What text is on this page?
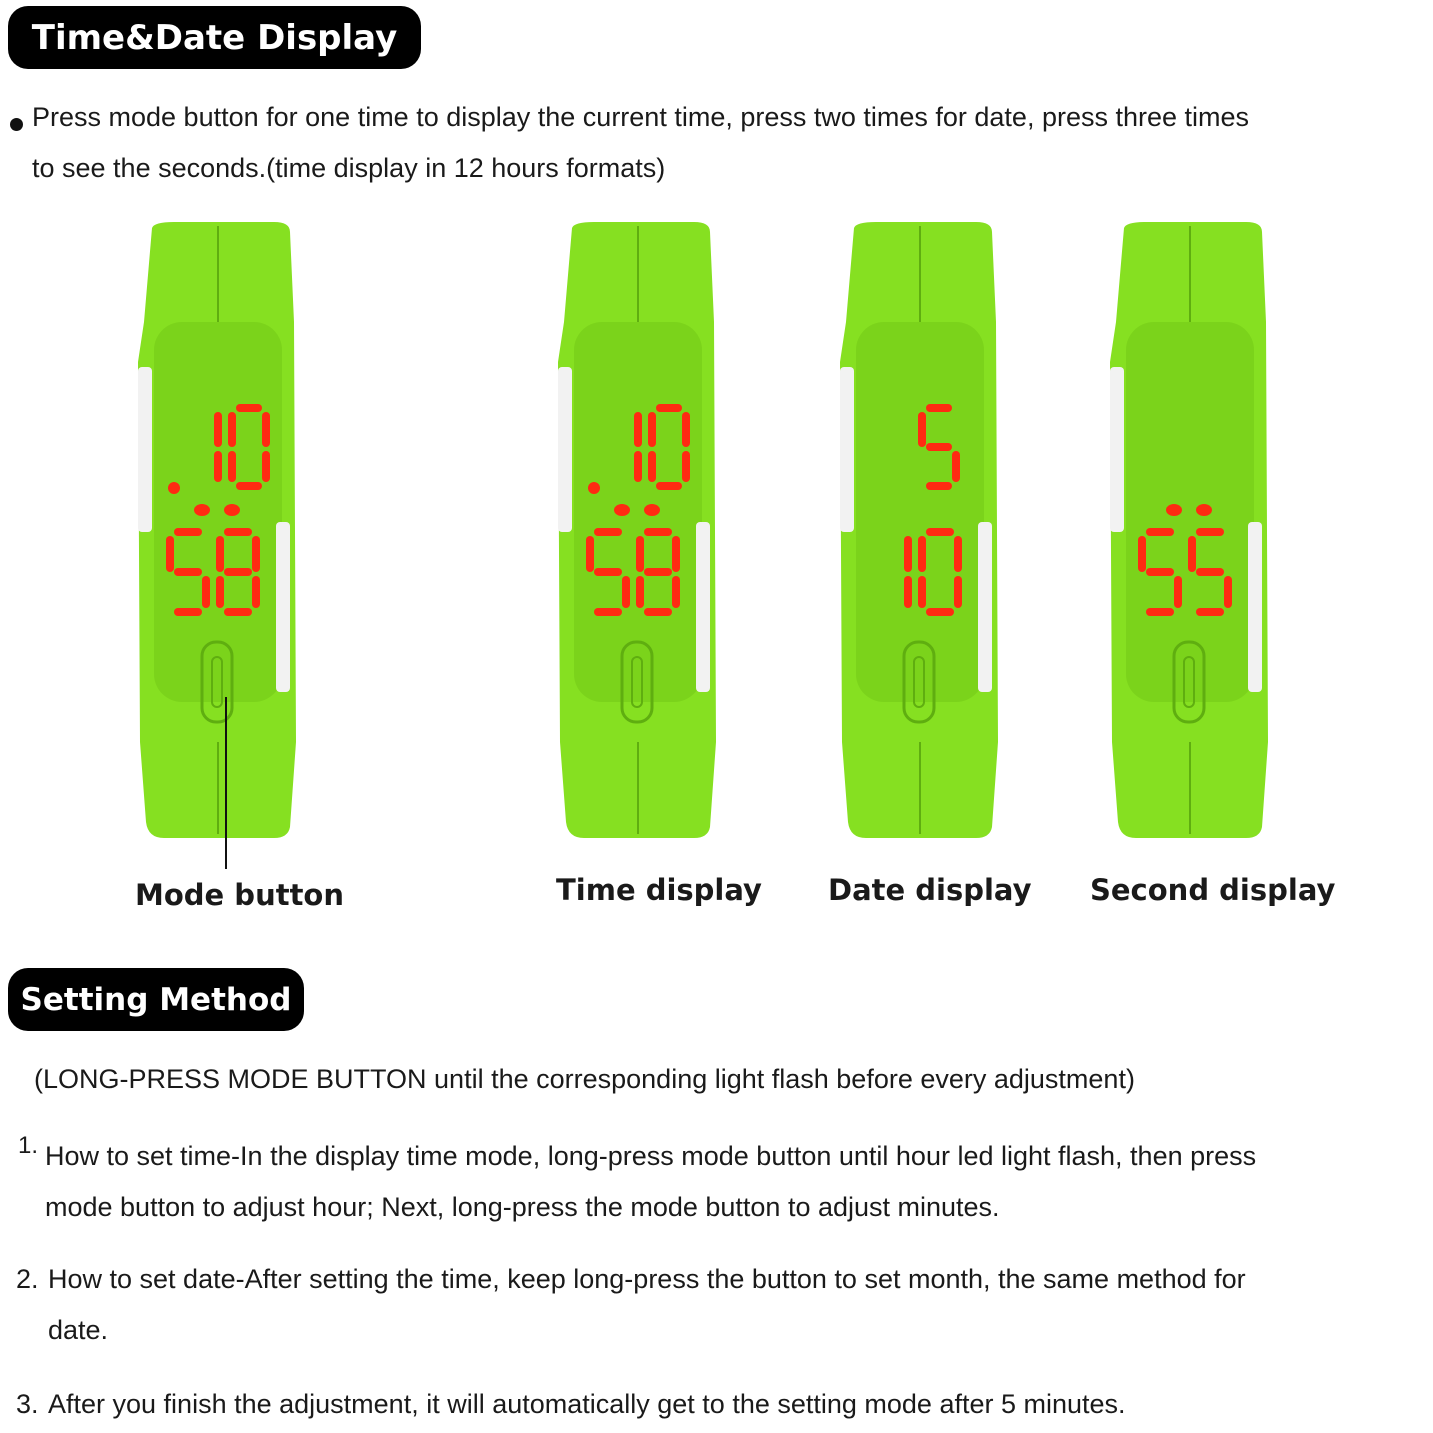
Time&Date Display
Press mode button for one time to display the current time, press two times for date, press three times
to see the seconds.(time display in 12 hours formats)
Mode button	Time display Date display Second display
Setting Method
(LONG-PRESS MODE BUTTON until the corresponding light flash before every adjustment)
1. How to set time-In the display time mode, long-press mode button until hour led light flash, then press
mode button to adjust hour; Next, long-press the mode button to adjust minutes.
2. How to set date-After setting the time, keep long-press the button to set month, the same method for
date.
3. After you finish the adjustment, it will automatically get to the setting mode after 5 minutes.
